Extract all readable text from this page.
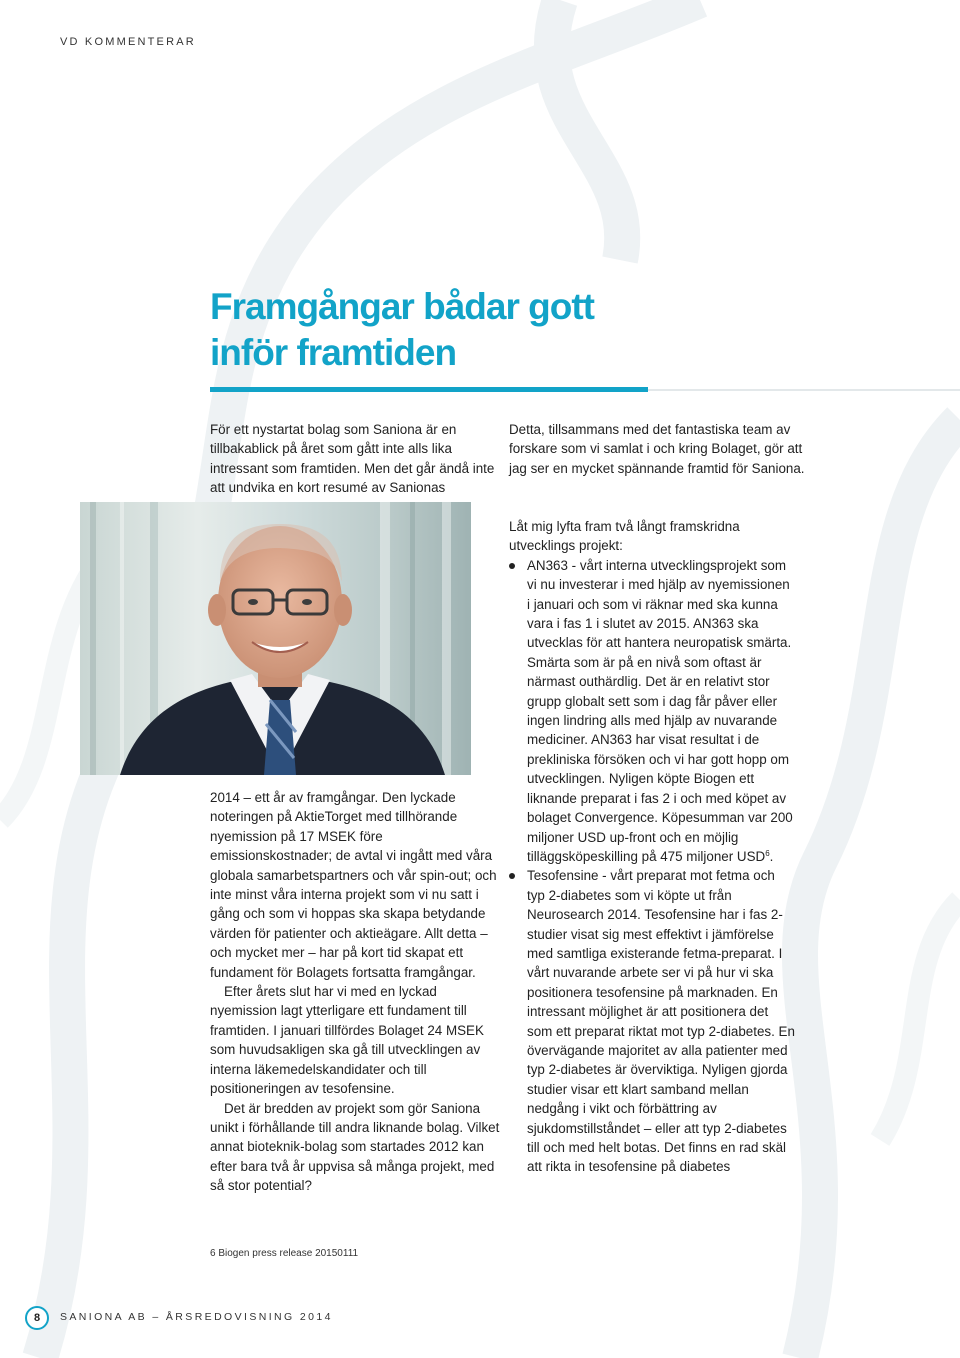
VD KOMMENTERAR
Framgångar bådar gott
inför framtiden

För ett nystartat bolag som Saniona är en tillbakablick på året som gått inte alls lika intressant som framtiden. Men det går ändå inte att undvika en kort resumé av Sanionas

2014 – ett år av framgångar. Den lyckade noteringen på AktieTorget med tillhörande nyemission på 17 MSEK före emissionskostnader; de avtal vi ingått med våra globala samarbetspartners och vår spin-out; och inte minst våra interna projekt som vi nu satt i gång och som vi hoppas ska skapa betydande värden för patienter och aktieägare. Allt detta – och mycket mer – har på kort tid skapat ett fundament för Bolagets fortsatta framgångar.

Efter årets slut har vi med en lyckad nyemission lagt ytterligare ett fundament till framtiden. I januari tillfördes Bolaget 24 MSEK som huvudsakligen ska gå till utvecklingen av interna läkemedelskandidater och till positioneringen av tesofensine.

Det är bredden av projekt som gör Saniona unikt i förhållande till andra liknande bolag. Vilket annat bioteknik-bolag som startades 2012 kan efter bara två år uppvisa så många projekt, med så stor potential?

Detta, tillsammans med det fantastiska team av forskare som vi samlat i och kring Bolaget, gör att jag ser en mycket spännande framtid för Saniona.

Låt mig lyfta fram två långt framskridna utvecklings projekt:

AN363 - vårt interna utvecklingsprojekt som vi nu investerar i med hjälp av nyemissionen i januari och som vi räknar med ska kunna vara i fas 1 i slutet av 2015. AN363 ska utvecklas för att hantera neuropatisk smärta. Smärta som är på en nivå som oftast är närmast outhärdlig. Det är en relativt stor grupp globalt sett som i dag får påver eller ingen lindring alls med hjälp av nuvarande mediciner. AN363 har visat resultat i de prekliniska försöken och vi har gott hopp om utvecklingen. Nyligen köpte Biogen ett liknande preparat i fas 2 i och med köpet av bolaget Convergence. Köpesumman var 200 miljoner USD up-front och en möjlig tilläggsköpeskilling på 475 miljoner USD$^6$.
Tesofensine - vårt preparat mot fetma och typ 2-diabetes som vi köpte ut från Neurosearch 2014. Tesofensine har i fas 2-studier visat sig mest effektivt i jämförelse med samtliga existerande fetma-preparat. I vårt nuvarande arbete ser vi på hur vi ska positionera tesofensine på marknaden. En intressant möjlighet är att positionera det som ett preparat riktat mot typ 2-diabetes. En övervägande majoritet av alla patienter med typ 2-diabetes är överviktiga. Nyligen gjorda studier visar ett klart samband mellan nedgång i vikt och förbättring av sjukdomstillståndet – eller att typ 2-diabetes till och med helt botas. Det finns en rad skäl att rikta in tesofensine på diabetes
6 Biogen press release 20150111
8 SANIONA AB – ÅRSREDOVISNING 2014
